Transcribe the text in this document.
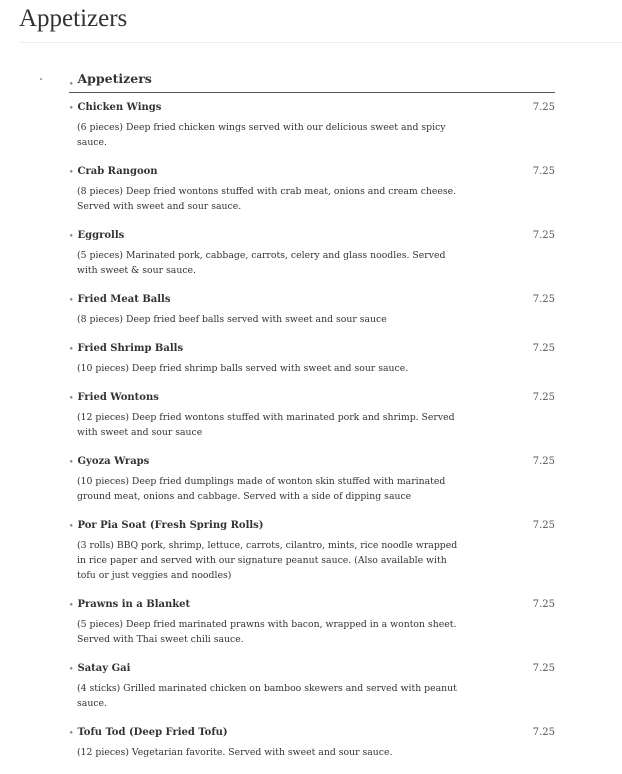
Appetizers
•	• Appetizers
• Chicken Wings	7.25
(6 pieces) Deep fried chicken wings served with our delicious sweet and spicy sauce.
• Crab Rangoon	7.25
(8 pieces) Deep fried wontons stuffed with crab meat, onions and cream cheese. Served with sweet and sour sauce.
• Eggrolls	7.25
(5 pieces) Marinated pork, cabbage, carrots, celery and glass noodles. Served with sweet & sour sauce.
• Fried Meat Balls	7.25
(8 pieces) Deep fried beef balls served with sweet and sour sauce
• Fried Shrimp Balls	7.25
(10 pieces) Deep fried shrimp balls served with sweet and sour sauce.
• Fried Wontons	7.25
(12 pieces) Deep fried wontons stuffed with marinated pork and shrimp. Served with sweet and sour sauce
• Gyoza Wraps	7.25
(10 pieces) Deep fried dumplings made of wonton skin stuffed with marinated ground meat, onions and cabbage. Served with a side of dipping sauce
• Por Pia Soat (Fresh Spring Rolls)	7.25
(3 rolls) BBQ pork, shrimp, lettuce, carrots, cilantro, mints, rice noodle wrapped in rice paper and served with our signature peanut sauce. (Also available with tofu or just veggies and noodles)
• Prawns in a Blanket	7.25
(5 pieces) Deep fried marinated prawns with bacon, wrapped in a wonton sheet. Served with Thai sweet chili sauce.
• Satay Gai	7.25
(4 sticks) Grilled marinated chicken on bamboo skewers and served with peanut sauce.
• Tofu Tod (Deep Fried Tofu)	7.25
(12 pieces) Vegetarian favorite. Served with sweet and sour sauce.
